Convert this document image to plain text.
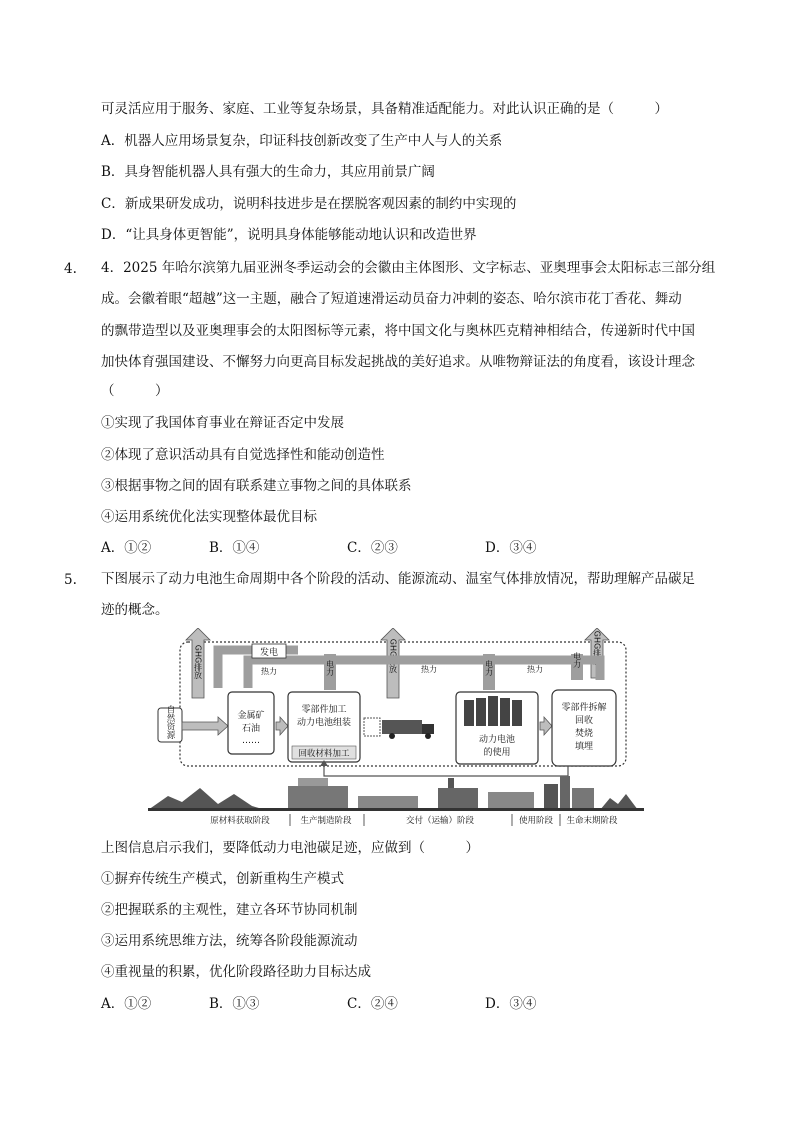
可灵活应用于服务、家庭、工业等复杂场景，具备精准适配能力。对此认识正确的是（　　　）
A．机器人应用场景复杂，印证科技创新改变了生产中人与人的关系
B．具身智能机器人具有强大的生命力，其应用前景广阔
C．新成果研发成功，说明科技进步是在摆脱客观因素的制约中实现的
D．“让具身体更智能”，说明具身体能够能动地认识和改造世界
4. 4．2025 年哈尔滨第九届亚洲冬季运动会的会徽由主体图形、文字标志、亚奥理事会太阳标志三部分组
成。会徽着眼“超越”这一主题，融合了短道速滑运动员奋力冲刺的姿态、哈尔滨市花丁香花、舞动
的飘带造型以及亚奥理事会的太阳图标等元素，将中国文化与奥林匹克精神相结合，传递新时代中国
加快体育强国建设、不懈努力向更高目标发起挑战的美好追求。从唯物辩证法的角度看，该设计理念
（　　　）
①实现了我国体育事业在辩证否定中发展
②体现了意识活动具有自觉选择性和能动创造性
③根据事物之间的固有联系建立事物之间的具体联系
④运用系统优化法实现整体最优目标
A．①②	B．①④	C．②③	D．③④
5. 下图展示了动力电池生命周期中各个阶段的活动、能源流动、温室气体排放情况，帮助理解产品碳足
迹的概念。
GHG排放	GHG排放	GHG排放
发电
热力	热力	热力
电力	电力	电力
自然资源	金属矿
石油
……
零部件加工
动力电池组装
回收材料加工
动力电池
的使用
零部件拆解
回收
焚烧
填埋
原材料获取阶段	生产制造阶段	交付（运输）阶段	使用阶段 生命末期阶段
上图信息启示我们，要降低动力电池碳足迹，应做到（　　　）
①摒弃传统生产模式，创新重构生产模式
②把握联系的主观性，建立各环节协同机制
③运用系统思维方法，统筹各阶段能源流动
④重视量的积累，优化阶段路径助力目标达成
A．①②	B．①③	C．②④	D．③④
